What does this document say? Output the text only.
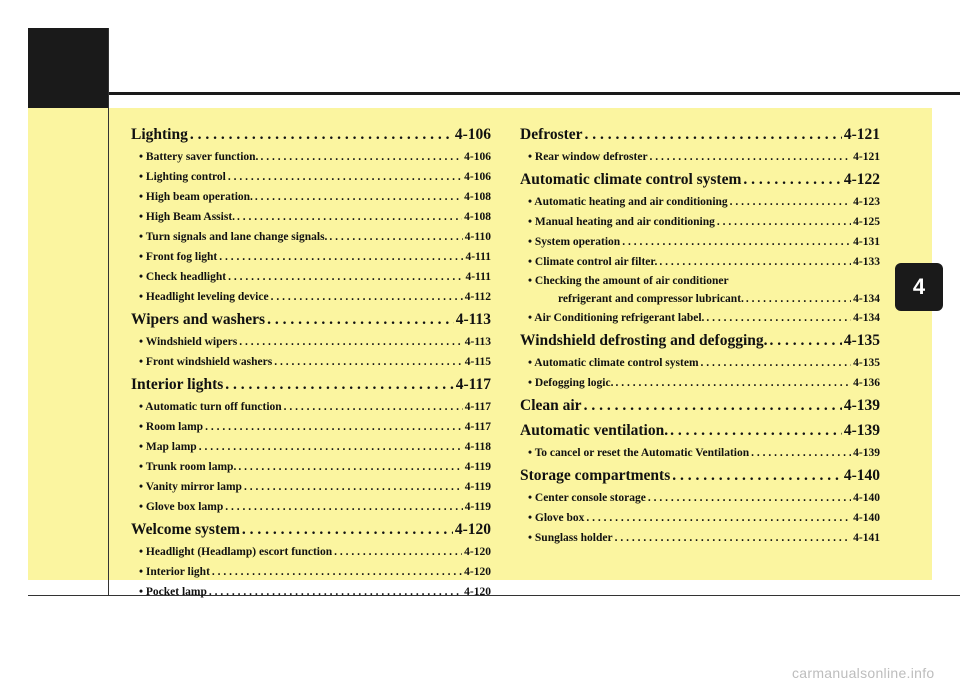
4
Lighting . . .	4-106
• Battery saver function. . . .	4-106
• Lighting control . . .	4-106
• High beam operation. . . .	4-108
• High Beam Assist. . . .	4-108
• Turn signals and lane change signals. . . .	4-110
• Front fog light . . .	4-111
• Check headlight . . .	4-111
• Headlight leveling device . . .	4-112
Wipers and washers . . .	4-113
• Windshield wipers . . .	4-113
• Front windshield washers . . .	4-115
Interior lights . . .	4-117
• Automatic turn off function . . .	4-117
• Room lamp . . .	4-117
• Map lamp . . .	4-118
• Trunk room lamp. . . .	4-119
• Vanity mirror lamp . . .	4-119
• Glove box lamp . . .	4-119
Welcome system . . .	4-120
• Headlight (Headlamp) escort function . . .	4-120
• Interior light . . .	4-120
• Pocket lamp . . .	4-120
Defroster . . .	4-121
• Rear window defroster . . .	4-121
Automatic climate control system . . .	4-122
• Automatic heating and air conditioning . . .	4-123
• Manual heating and air conditioning . . .	4-125
• System operation . . .	4-131
• Climate control air filter. . . .	4-133
• Checking the amount of air conditioner
refrigerant and compressor lubricant. . . .	4-134
• Air Conditioning refrigerant label. . . .	4-134
Windshield defrosting and defogging. . . .	4-135
• Automatic climate control system . . .	4-135
• Defogging logic. . . .	4-136
Clean air . . .	4-139
Automatic ventilation. . . .	4-139
• To cancel or reset the Automatic Ventilation . . .	4-139
Storage compartments . . .	4-140
• Center console storage . . .	4-140
• Glove box . . .	4-140
• Sunglass holder . . .	4-141
carmanualsonline.info
